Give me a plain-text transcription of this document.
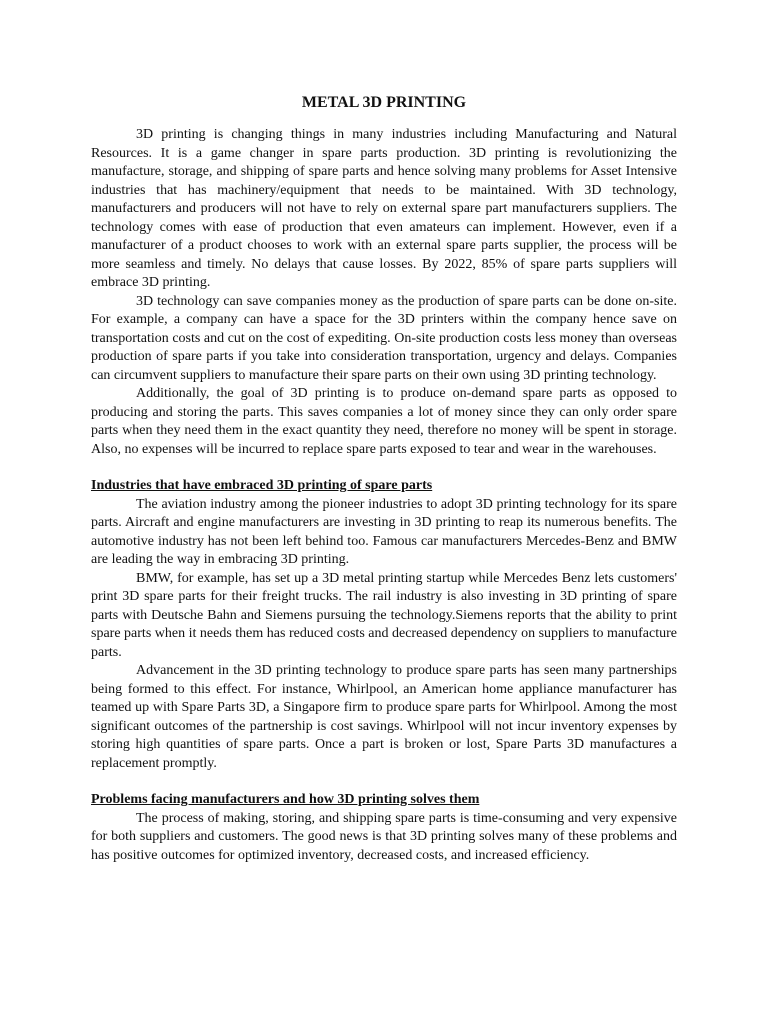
METAL 3D PRINTING

3D printing is changing things in many industries including Manufacturing and Natural Resources. It is a game changer in spare parts production. 3D printing is revolutionizing the manufacture, storage, and shipping of spare parts and hence solving many problems for Asset Intensive industries that has machinery/equipment that needs to be maintained. With 3D technology, manufacturers and producers will not have to rely on external spare part manufacturers suppliers. The technology comes with ease of production that even amateurs can implement. However, even if a manufacturer of a product chooses to work with an external spare parts supplier, the process will be more seamless and timely. No delays that cause losses. By 2022, 85% of spare parts suppliers will embrace 3D printing.

3D technology can save companies money as the production of spare parts can be done on-site. For example, a company can have a space for the 3D printers within the company hence save on transportation costs and cut on the cost of expediting. On-site production costs less money than overseas production of spare parts if you take into consideration transportation, urgency and delays. Companies can circumvent suppliers to manufacture their spare parts on their own using 3D printing technology.

Additionally, the goal of 3D printing is to produce on-demand spare parts as opposed to producing and storing the parts. This saves companies a lot of money since they can only order spare parts when they need them in the exact quantity they need, therefore no money will be spent in storage. Also, no expenses will be incurred to replace spare parts exposed to tear and wear in the warehouses.

Industries that have embraced 3D printing of spare parts

The aviation industry among the pioneer industries to adopt 3D printing technology for its spare parts. Aircraft and engine manufacturers are investing in 3D printing to reap its numerous benefits. The automotive industry has not been left behind too. Famous car manufacturers Mercedes-Benz and BMW are leading the way in embracing 3D printing.

BMW, for example, has set up a 3D metal printing startup while Mercedes Benz lets customers' print 3D spare parts for their freight trucks. The rail industry is also investing in 3D printing of spare parts with Deutsche Bahn and Siemens pursuing the technology.Siemens reports that the ability to print spare parts when it needs them has reduced costs and decreased dependency on suppliers to manufacture parts.

Advancement in the 3D printing technology to produce spare parts has seen many partnerships being formed to this effect. For instance, Whirlpool, an American home appliance manufacturer has teamed up with Spare Parts 3D, a Singapore firm to produce spare parts for Whirlpool. Among the most significant outcomes of the partnership is cost savings. Whirlpool will not incur inventory expenses by storing high quantities of spare parts. Once a part is broken or lost, Spare Parts 3D manufactures a replacement promptly.

Problems facing manufacturers and how 3D printing solves them

The process of making, storing, and shipping spare parts is time-consuming and very expensive for both suppliers and customers. The good news is that 3D printing solves many of these problems and has positive outcomes for optimized inventory, decreased costs, and increased efficiency.
